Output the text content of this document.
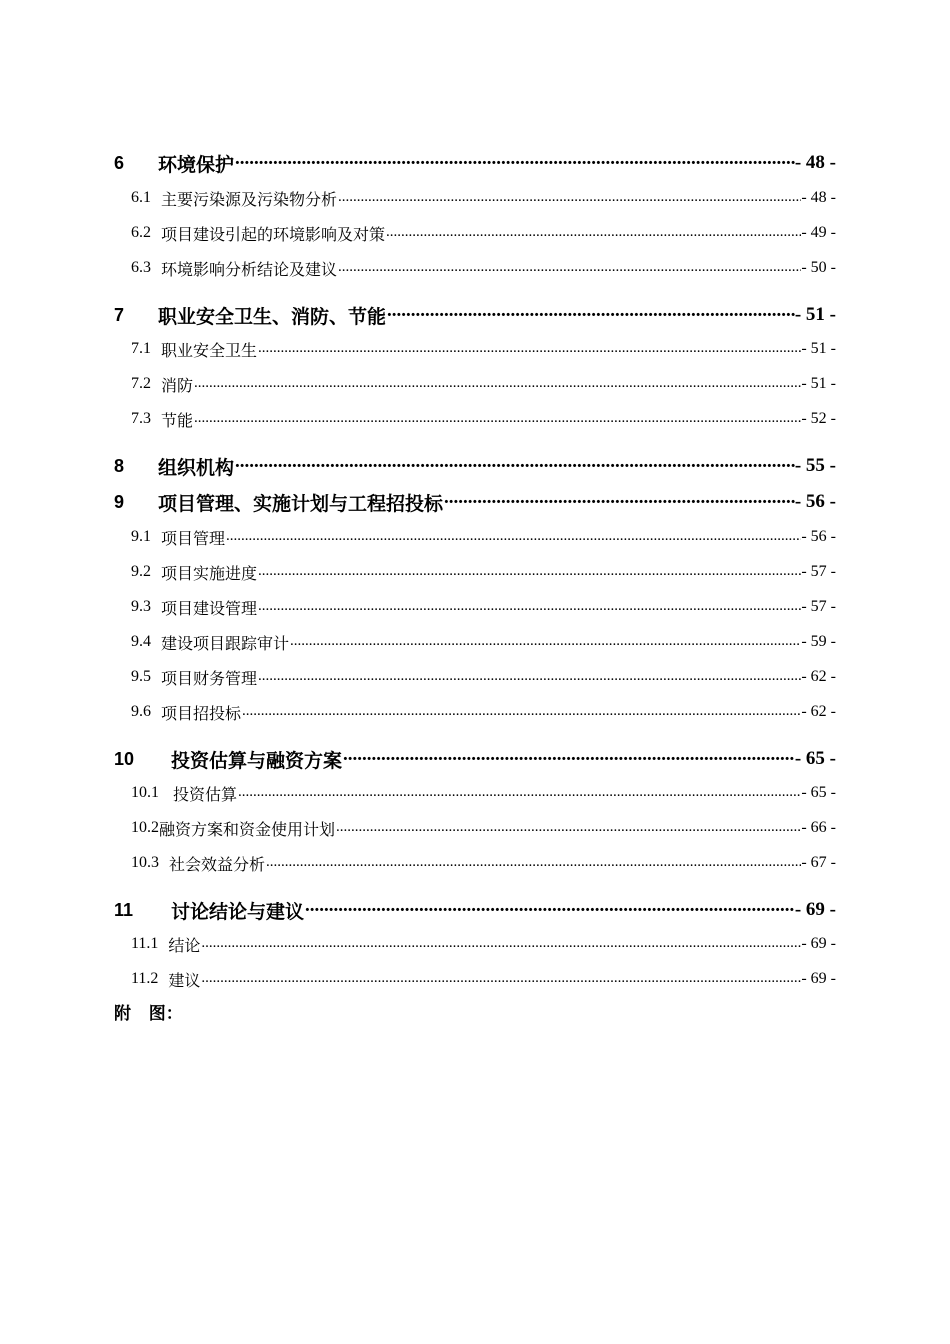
6 环境保护 .....	- 48 -
6.1 主要污染源及污染物分析 .....	- 48 -
6.2 项目建设引起的环境影响及对策 .....	- 49 -
6.3 环境影响分析结论及建议 .....	- 50 -
7 职业安全卫生、消防、节能 .....	- 51 -
7.1 职业安全卫生 .....	- 51 -
7.2 消防 .....	- 51 -
7.3 节能 .....	- 52 -
8 组织机构 .....	- 55 -
9 项目管理、实施计划与工程招投标 .....	- 56 -
9.1 项目管理 .....	- 56 -
9.2 项目实施进度 .....	- 57 -
9.3 项目建设管理 .....	- 57 -
9.4 建设项目跟踪审计 .....	- 59 -
9.5 项目财务管理 .....	- 62 -
9.6 项目招投标 .....	- 62 -
10 投资估算与融资方案 .....	- 65 -
10.1 投资估算 .....	- 65 -
10.2 融资方案和资金使用计划 .....	- 66 -
10.3 社会效益分析 .....	- 67 -
11 讨论结论与建议 .....	- 69 -
11.1 结论 .....	- 69 -
11.2 建议 .....	- 69 -
附   图：
